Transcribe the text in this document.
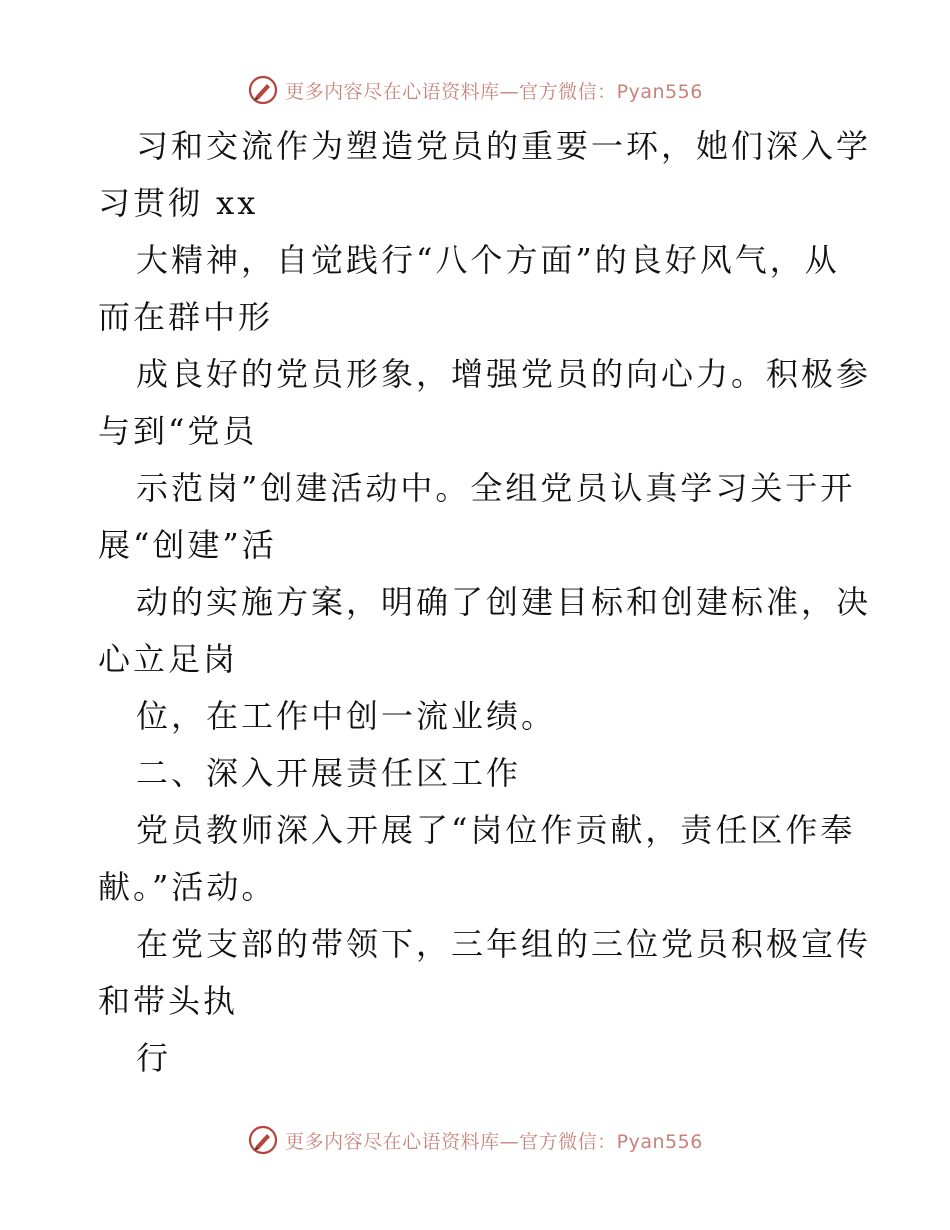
更多内容尽在心语资料库—官方微信：Pyan556
习和交流作为塑造党员的重要一环，她们深入学
习贯彻 xx
大精神，自觉践行“八个方面”的良好风气，从
而在群中形
成良好的党员形象，增强党员的向心力。积极参
与到“党员
示范岗”创建活动中。全组党员认真学习关于开
展“创建”活
动的实施方案，明确了创建目标和创建标准，决
心立足岗
位，在工作中创一流业绩。
二、深入开展责任区工作
党员教师深入开展了“岗位作贡献，责任区作奉
献。”活动。
在党支部的带领下，三年组的三位党员积极宣传
和带头执
行
更多内容尽在心语资料库—官方微信：Pyan556
